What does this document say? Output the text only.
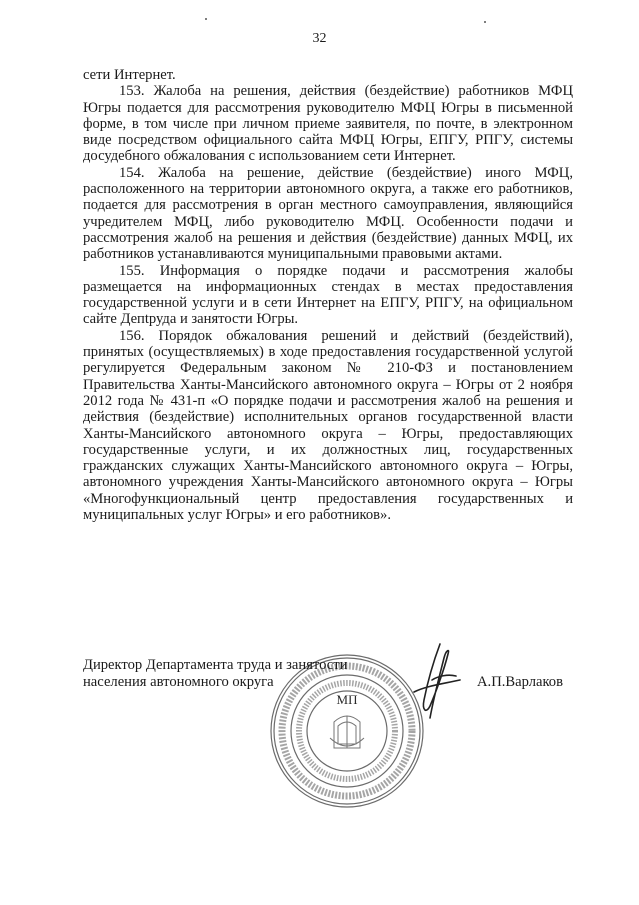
32

сети Интернет.

153. Жалоба на решения, действия (бездействие) работников МФЦ Югры подается для рассмотрения руководителю МФЦ Югры в письменной форме, в том числе при личном приеме заявителя, по почте, в электронном виде посредством официального сайта МФЦ Югры, ЕПГУ, РПГУ, системы досудебного обжалования с использованием сети Интернет.

154. Жалоба на решение, действие (бездействие) иного МФЦ, расположенного на территории автономного округа, а также его работников, подается для рассмотрения в орган местного самоуправления, являющийся учредителем МФЦ, либо руководителю МФЦ. Особенности подачи и рассмотрения жалоб на решения и действия (бездействие) данных МФЦ, их работников устанавливаются муниципальными правовыми актами.

155. Информация о порядке подачи и рассмотрения жалобы размещается на информационных стендах в местах предоставления государственной услуги и в сети Интернет на ЕПГУ, РПГУ, на официальном сайте Депtруда и занятости Югры.

156. Порядок обжалования решений и действий (бездействий), принятых (осуществляемых) в ходе предоставления государственной услугой регулируется Федеральным законом № 210-ФЗ и постановлением Правительства Ханты-Мансийского автономного округа – Югры от 2 ноября 2012 года № 431-п «О порядке подачи и рассмотрения жалоб на решения и действия (бездействие) исполнительных органов государственной власти Ханты-Мансийского автономного округа – Югры, предоставляющих государственные услуги, и их должностных лиц, государственных гражданских служащих Ханты-Мансийского автономного округа – Югры, автономного учреждения Ханты-Мансийского автономного округа – Югры «Многофункциональный центр предоставления государственных и муниципальных услуг Югры» и его работников».

МП
Директор Департамента труда и занятости
населения автономного округа	А.П.Варлаков
